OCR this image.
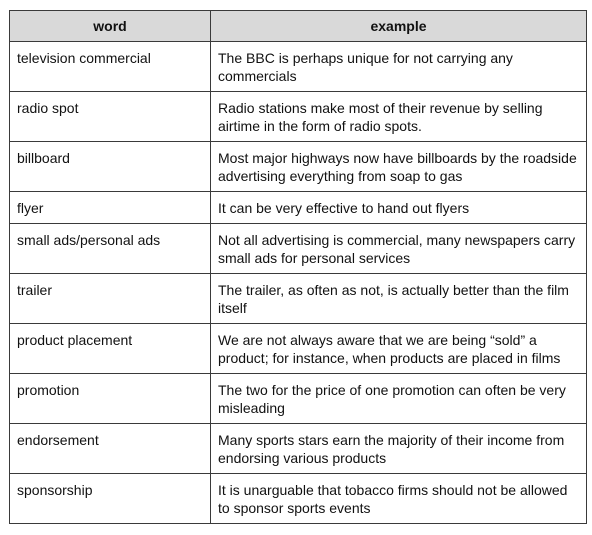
word	example
television commercial	The BBC is perhaps unique for not carrying any commercials
radio spot	Radio stations make most of their revenue by selling airtime in the form of radio spots.
billboard	Most major highways now have billboards by the roadside advertising everything from soap to gas
flyer	It can be very effective to hand out flyers
small ads/personal ads	Not all advertising is commercial, many newspapers carry small ads for personal services
trailer	The trailer, as often as not, is actually better than the film itself
product placement	We are not always aware that we are being “sold” a product; for instance, when products are placed in films
promotion	The two for the price of one promotion can often be very misleading
endorsement	Many sports stars earn the majority of their income from endorsing various products
sponsorship	It is unarguable that tobacco firms should not be allowed to sponsor sports events
